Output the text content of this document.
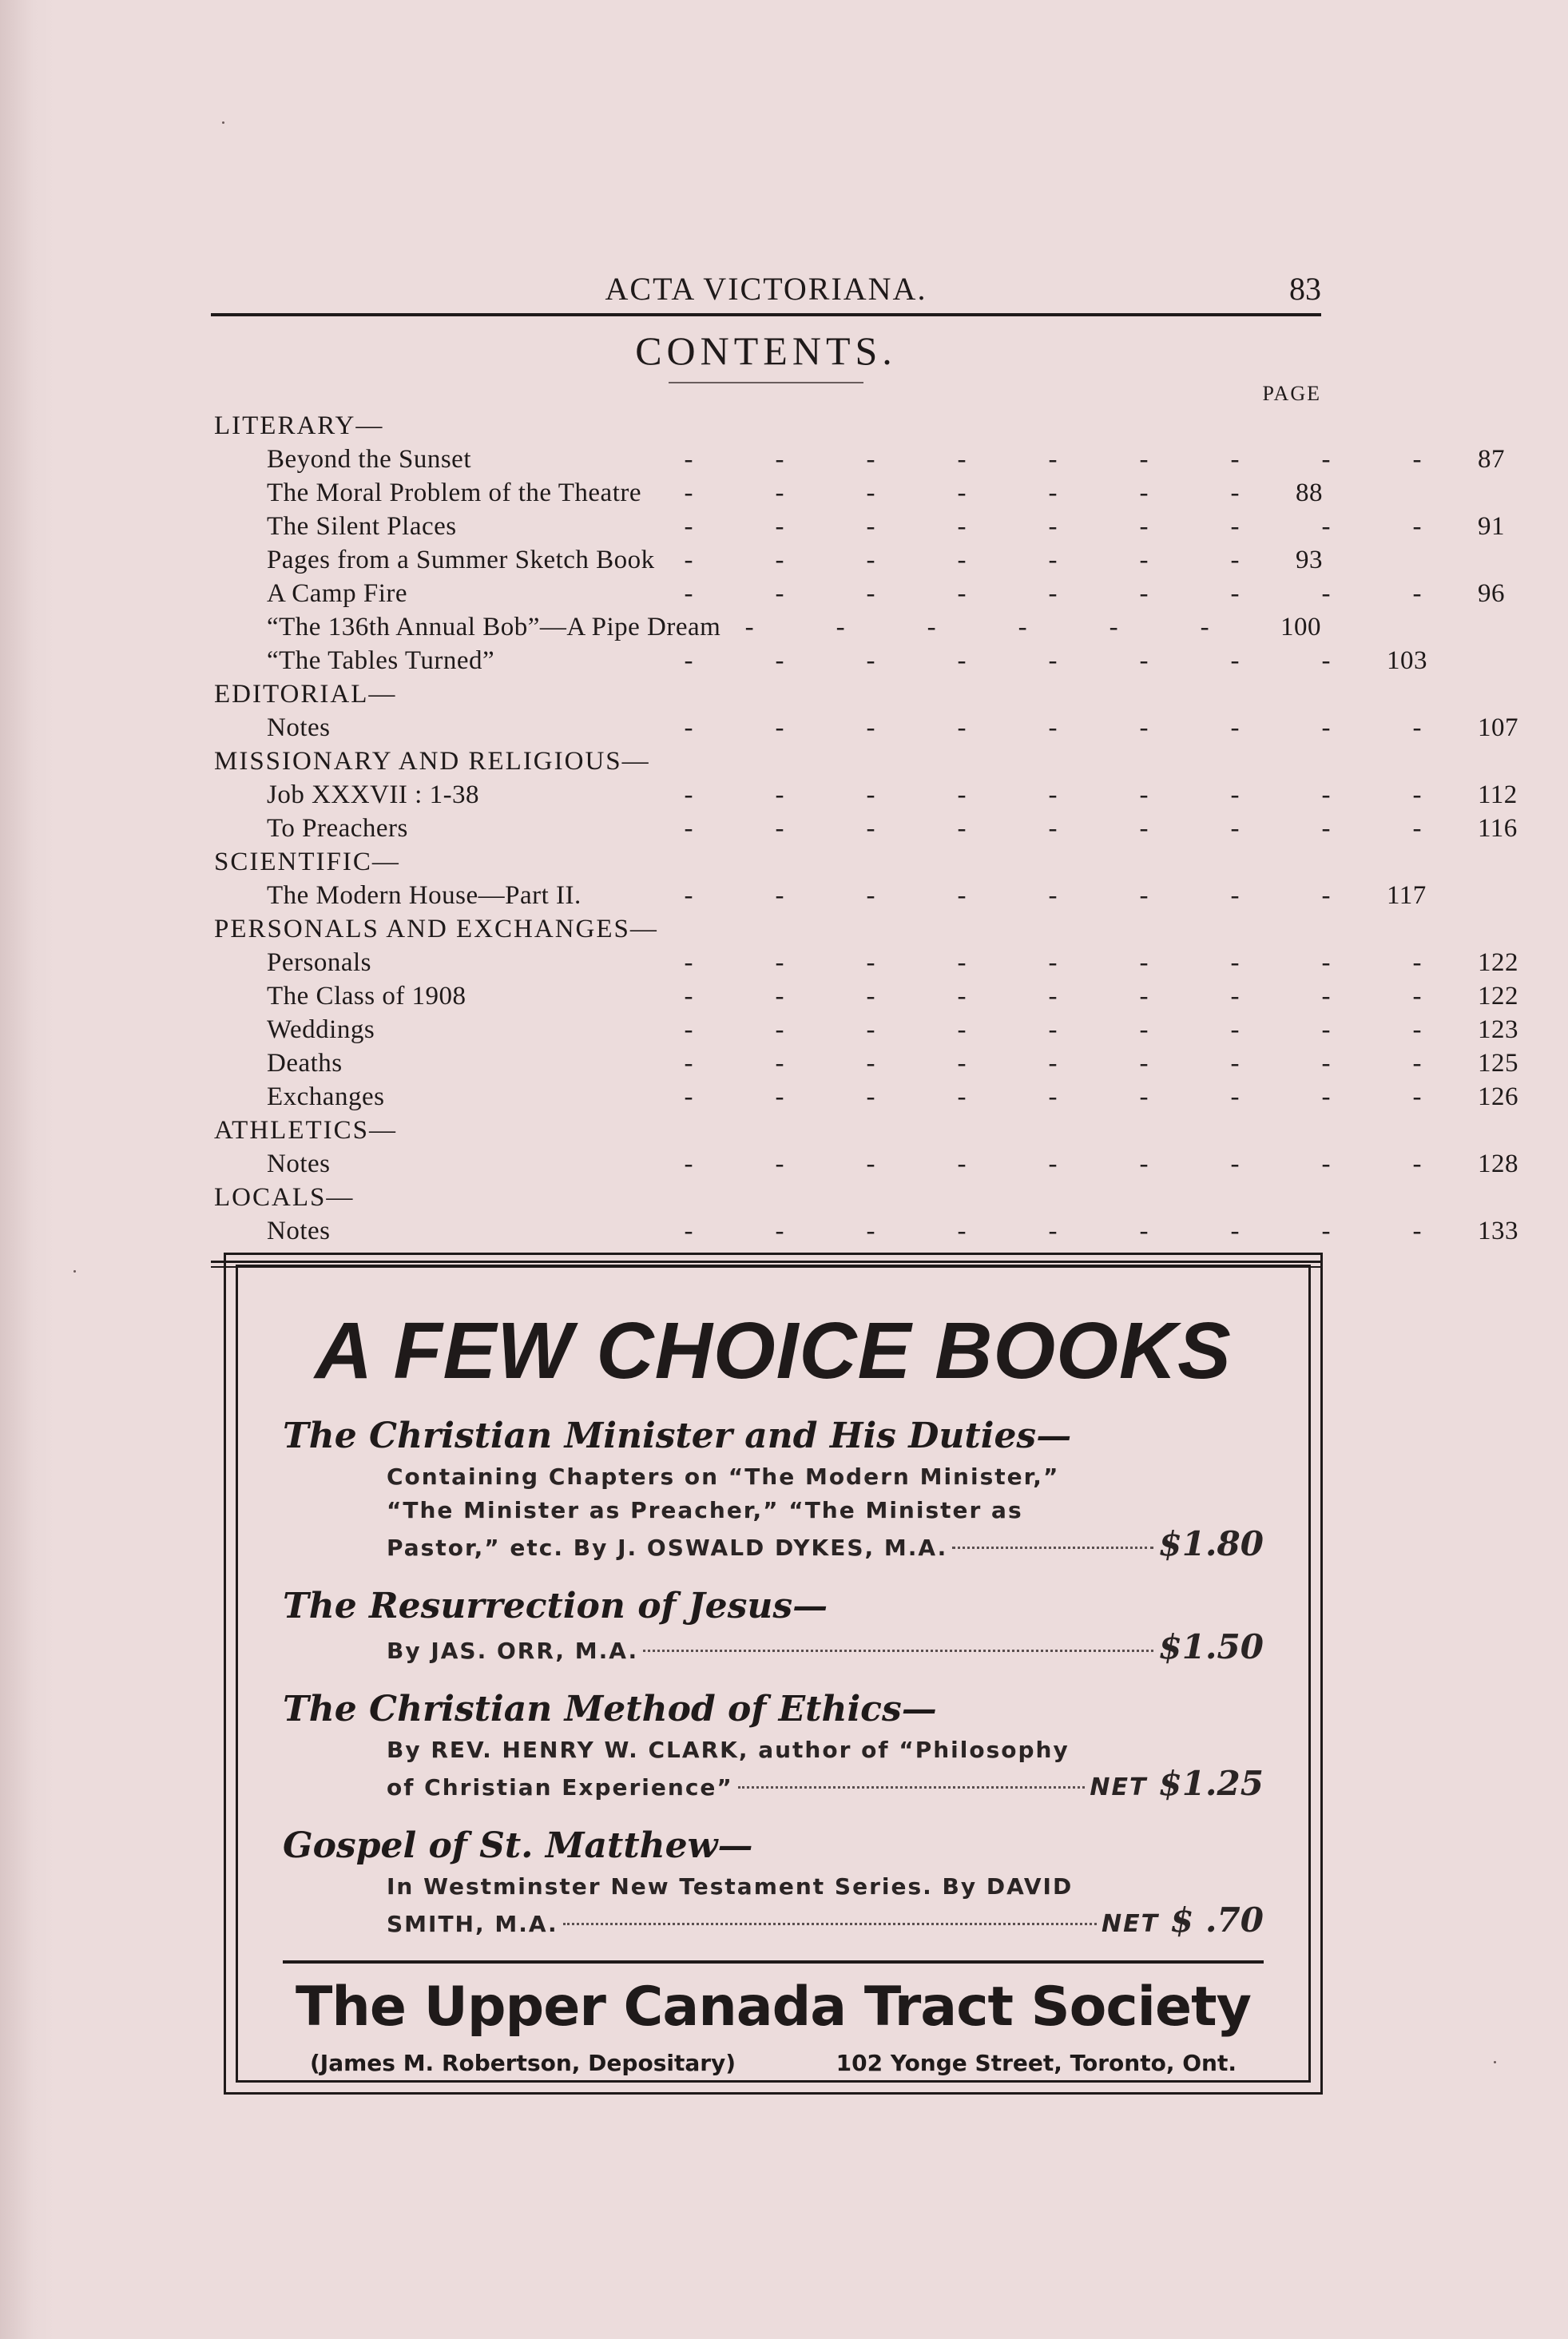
ACTA VICTORIANA.	83
CONTENTS.
PAGE
LITERARY—
Beyond the Sunset	-	-	-	-	-	-	-	-	- 87
The Moral Problem of the Theatre	-	-	-	-	-	-	- 88
The Silent Places	-	-	-	-	-	-	-	-	- 91
Pages from a Summer Sketch Book	-	-	-	-	-	-	- 93
A Camp Fire	-	-	-	-	-	-	-	-	- 96
“The 136th Annual Bob”—A Pipe Dream -	-	-	-	-	-	100
“The Tables Turned”	-	-	-	-	-	-	-	- 103
EDITORIAL—
Notes	-	-	-	-	-	-	-	-	- 107
MISSIONARY AND RELIGIOUS—
Job XXXVII : 1-38	-	-	-	-	-	-	-	-	- 112
To Preachers	-	-	-	-	-	-	-	-	- 116
SCIENTIFIC—
The Modern House—Part II.	-	-	-	-	-	-	-	- 117
PERSONALS AND EXCHANGES—
Personals	-	-	-	-	-	-	-	-	- 122
The Class of 1908	-	-	-	-	-	-	-	-	- 122
Weddings	-	-	-	-	-	-	-	-	- 123
Deaths	-	-	-	-	-	-	-	-	- 125
Exchanges	-	-	-	-	-	-	-	-	- 126
ATHLETICS—
Notes	-	-	-	-	-	-	-	-	- 128
LOCALS—
Notes	-	-	-	-	-	-	-	-	- 133
A FEW CHOICE BOOKS
The Christian Minister and His Duties—
Containing Chapters on “The Modern Minister,”
“The Minister as Preacher,” “The Minister as
Pastor,” etc. By J. OSWALD DYKES, M.A.	$1.80
The Resurrection of Jesus—
By JAS. ORR, M.A.	$1.50
The Christian Method of Ethics—
By REV. HENRY W. CLARK, author of “Philosophy
of Christian Experience”	NET $1.25
Gospel of St. Matthew—
In Westminster New Testament Series. By DAVID
SMITH, M.A.	NET $ .70
The Upper Canada Tract Society
(James M. Robertson, Depositary)	102 Yonge Street, Toronto, Ont.
